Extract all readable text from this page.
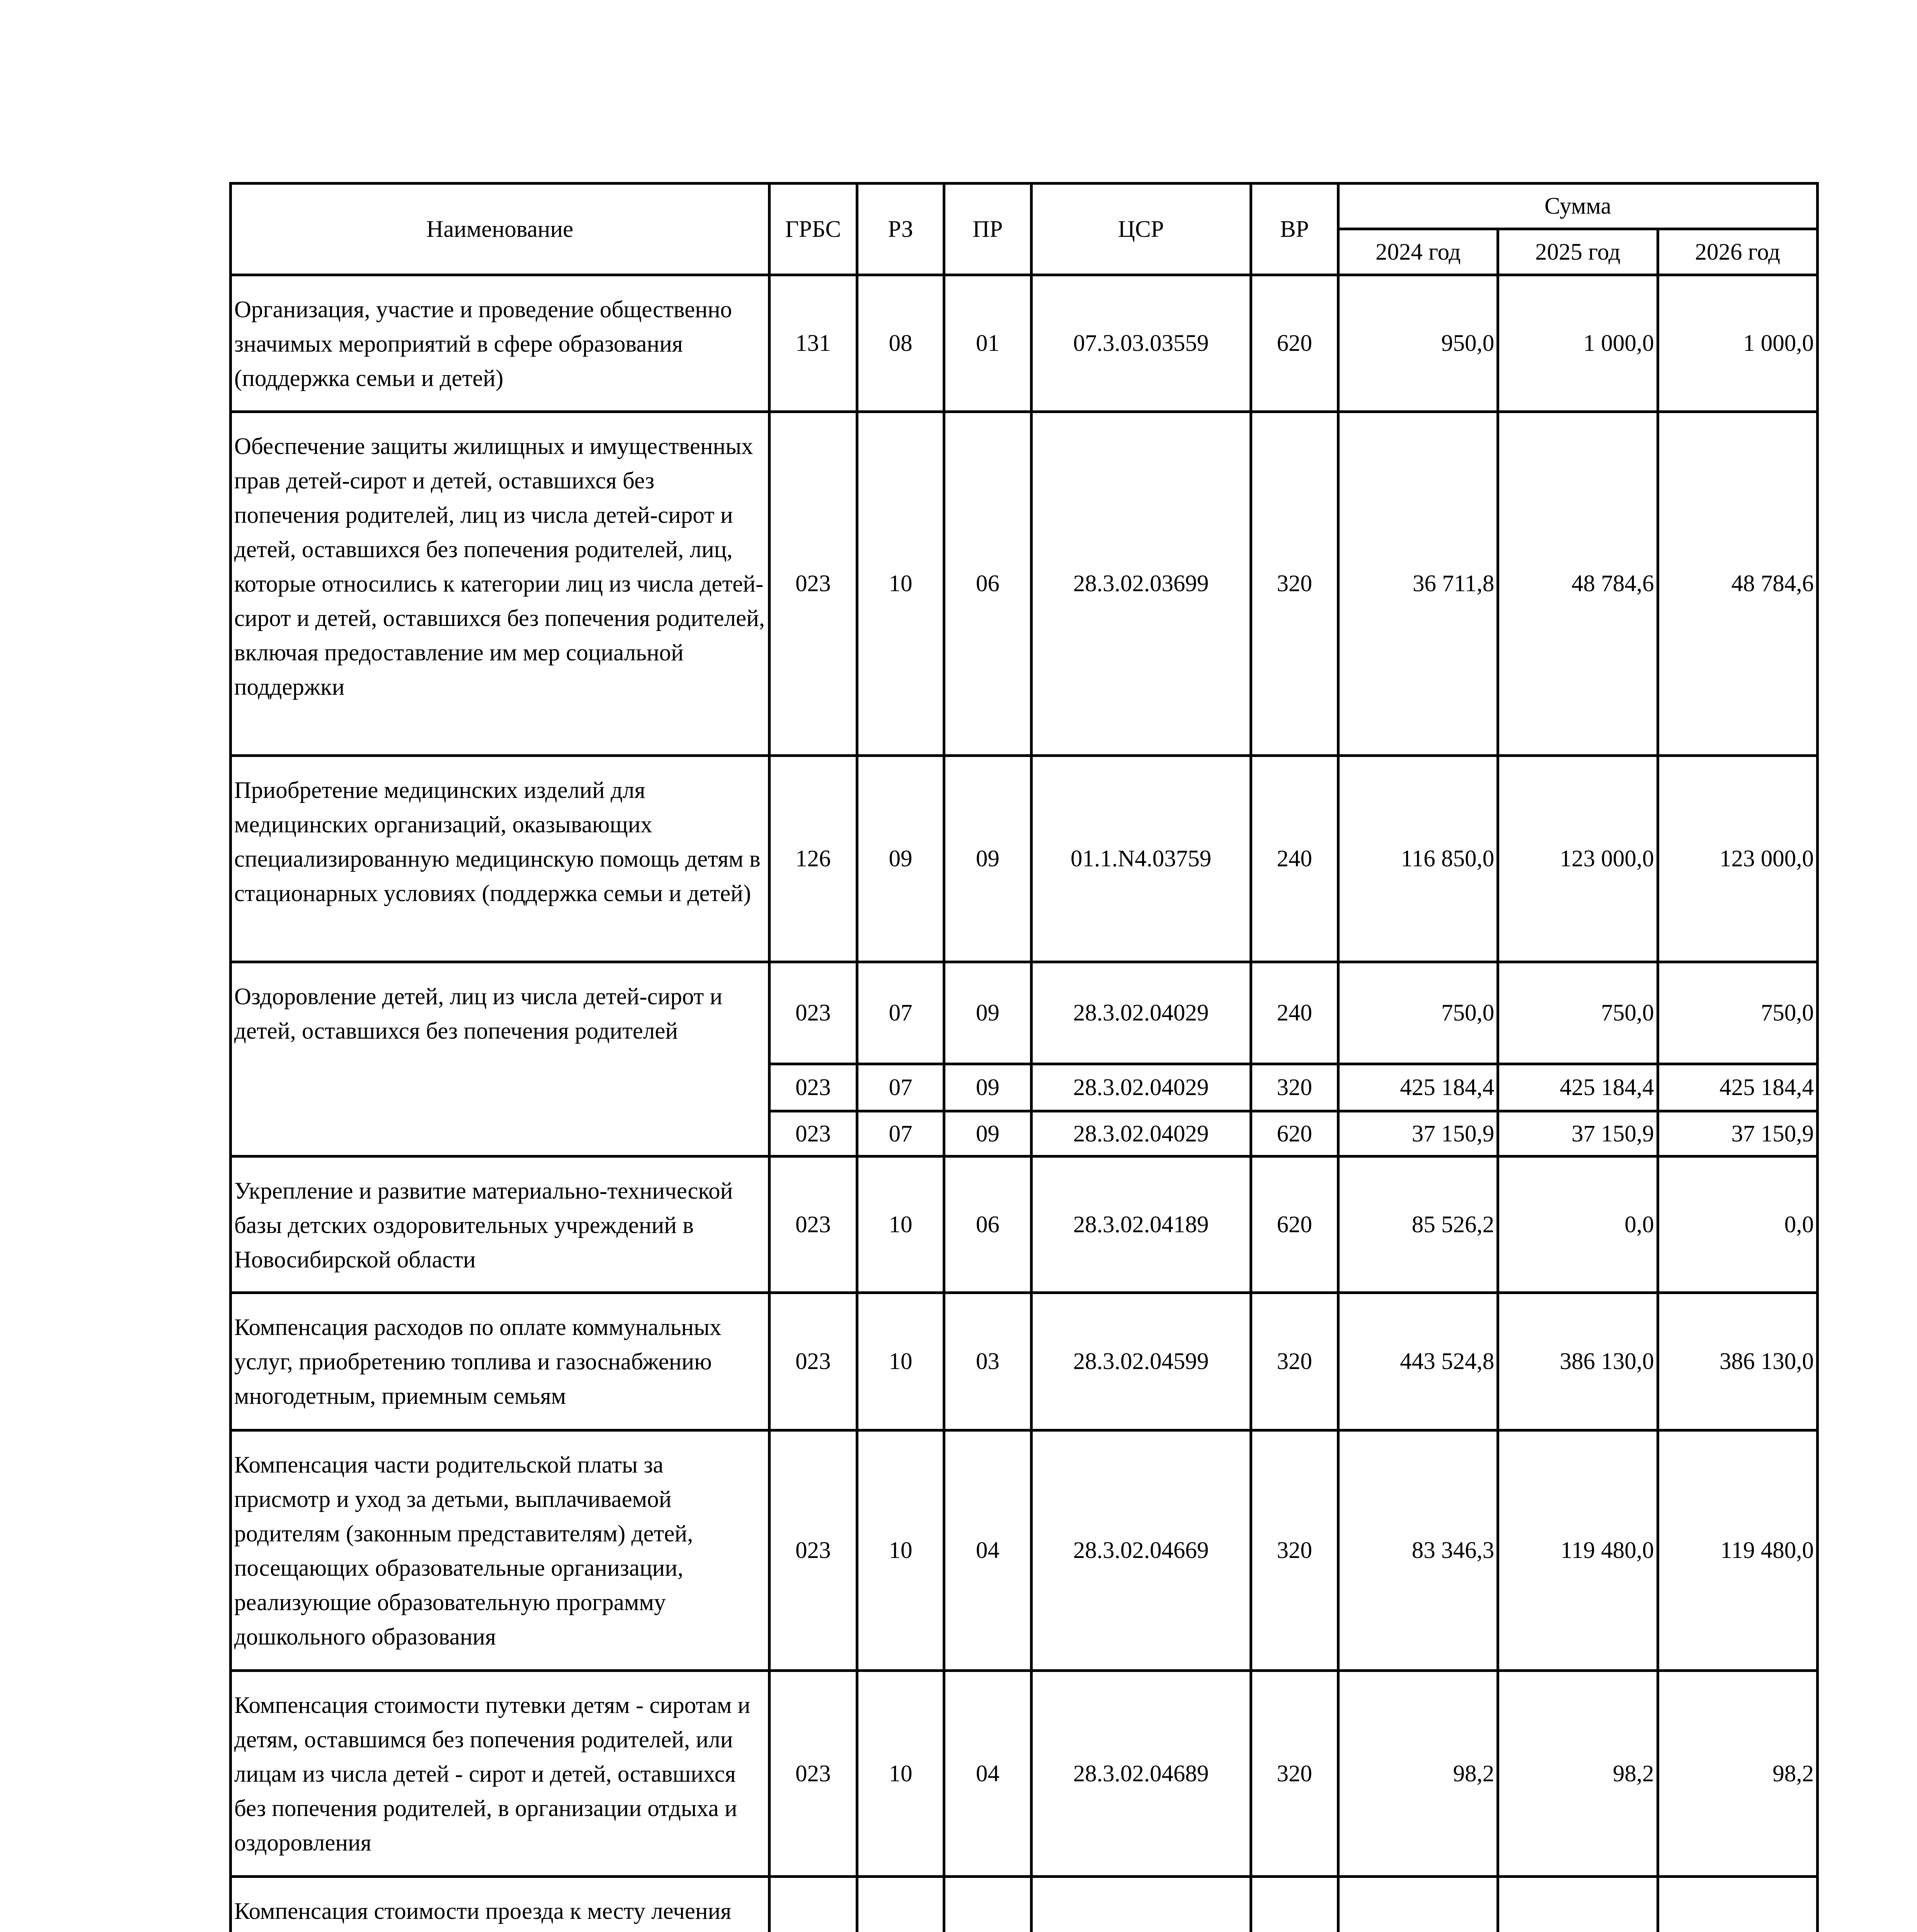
Наименование	ГРБС	РЗ	ПР	ЦСР	ВР	Сумма		
						2024 год	2025 год	2026 год
Организация, участие и проведение общественно значимых мероприятий в сфере образования (поддержка семьи и детей)	131	08	01	07.3.03.03559	620	950,0	1 000,0	1 000,0
Обеспечение защиты жилищных и имущественных прав детей-сирот и детей, оставшихся без попечения родителей, лиц из числа детей-сирот и детей, оставшихся без попечения родителей, лиц, которые относились к категории лиц из числа детей-сирот и детей, оставшихся без попечения родителей, включая предоставление им мер социальной поддержки	023	10	06	28.3.02.03699	320	36 711,8	48 784,6	48 784,6
Приобретение медицинских изделий для медицинских организаций, оказывающих специализированную медицинскую помощь детям в стационарных условиях (поддержка семьи и детей)	126	09	09	01.1.N4.03759	240	116 850,0	123 000,0	123 000,0
Оздоровление детей, лиц из числа детей-сирот и детей, оставшихся без попечения родителей	023	07	09	28.3.02.04029	240	750,0	750,0	750,0
	023	07	09	28.3.02.04029	320	425 184,4	425 184,4	425 184,4
	023	07	09	28.3.02.04029	620	37 150,9	37 150,9	37 150,9
Укрепление и развитие материально-технической базы детских оздоровительных учреждений в Новосибирской области	023	10	06	28.3.02.04189	620	85 526,2	0,0	0,0
Компенсация расходов по оплате коммунальных услуг, приобретению топлива и газоснабжению многодетным, приемным семьям	023	10	03	28.3.02.04599	320	443 524,8	386 130,0	386 130,0
Компенсация части родительской платы за присмотр и уход за детьми, выплачиваемой родителям (законным представителям) детей, посещающих образовательные организации, реализующие образовательную программу дошкольного образования	023	10	04	28.3.02.04669	320	83 346,3	119 480,0	119 480,0
Компенсация стоимости путевки детям - сиротам и детям, оставшимся без попечения родителей, или лицам из числа детей - сирот и детей, оставшихся без попечения родителей, в организации отдыха и оздоровления	023	10	04	28.3.02.04689	320	98,2	98,2	98,2
Компенсация стоимости проезда к месту лечения								
